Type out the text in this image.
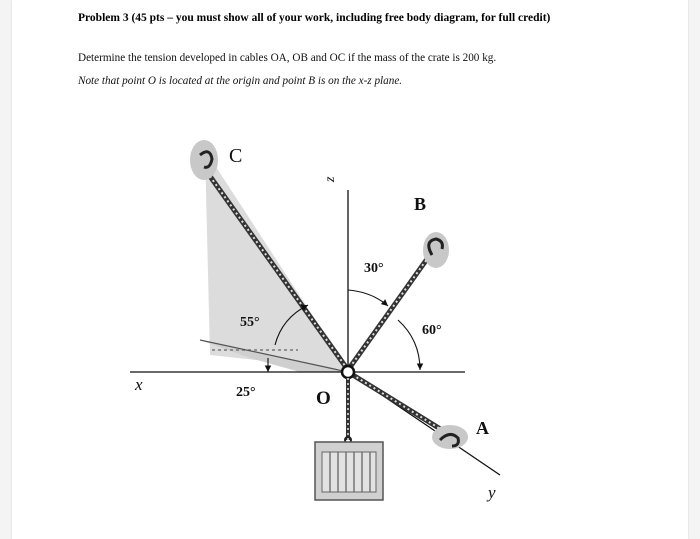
Problem 3 (45 pts – you must show all of your work, including free body diagram, for full credit)
Determine the tension developed in cables OA, OB and OC if the mass of the crate is 200 kg.
Note that point O is located at the origin and point B is on the x-z plane.
C
B
A
O
x
y
z
30°
60°
55°
25°
